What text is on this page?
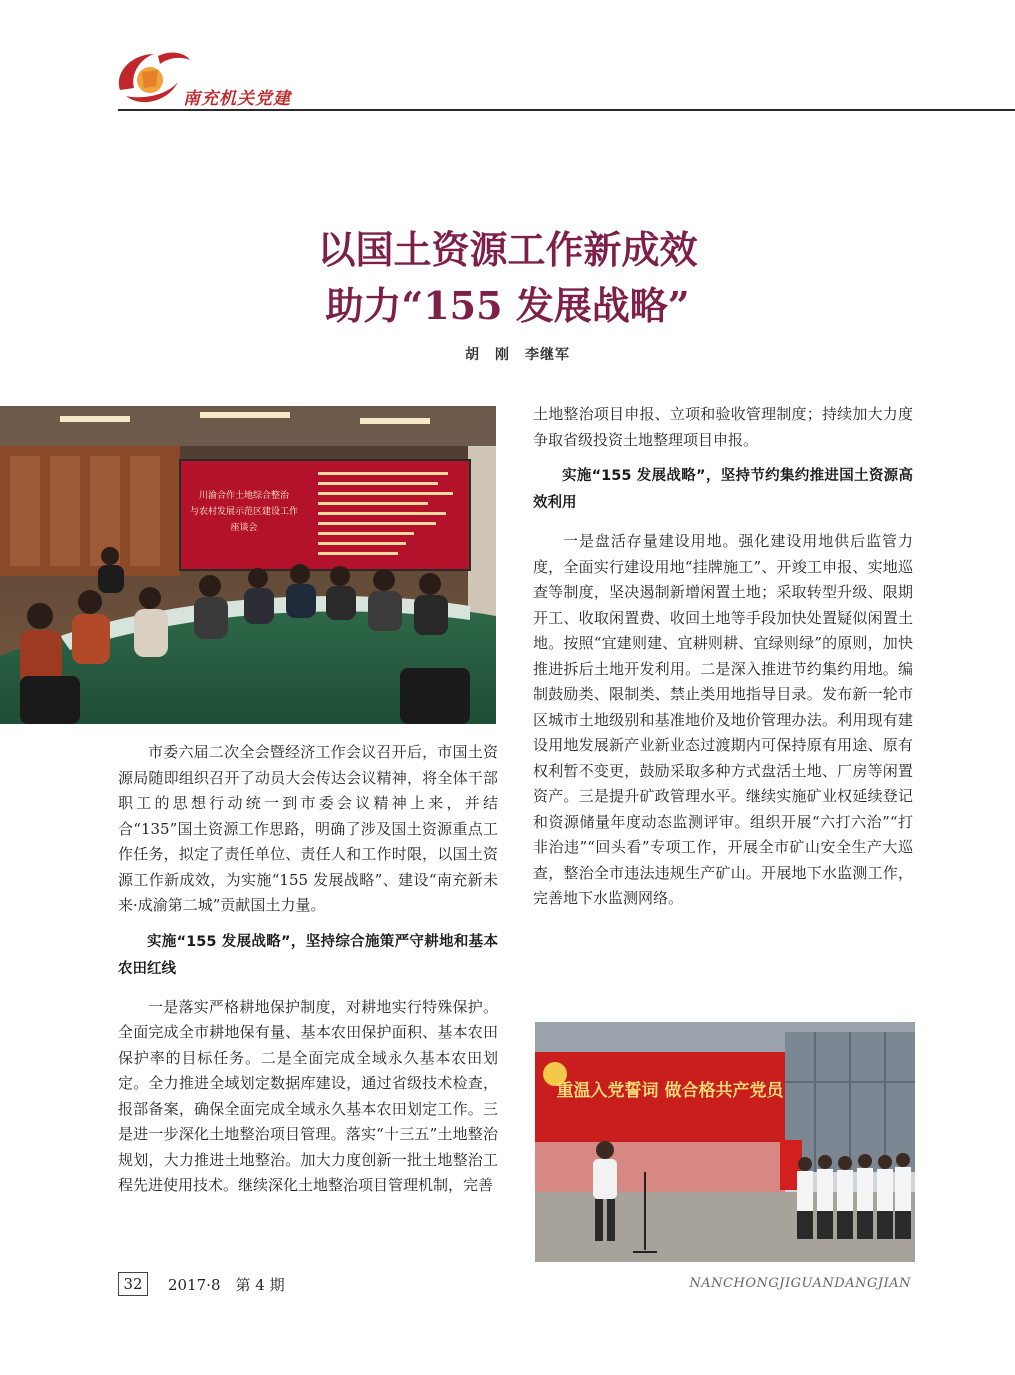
南充机关党建
以国土资源工作新成效
助力“155 发展战略”
胡　刚　李继军
川渝合作土地综合整治
与农村发展示范区建设工作
座谈会

市委六届二次全会暨经济工作会议召开后，市国土资源局随即组织召开了动员大会传达会议精神，将全体干部职工的思想行动统一到市委会议精神上来，并结合“135”国土资源工作思路，明确了涉及国土资源重点工作任务，拟定了责任单位、责任人和工作时限，以国土资源工作新成效，为实施“155 发展战略”、建设“南充新未来·成渝第二城”贡献国土力量。

实施“155 发展战略”，坚持综合施策严守耕地和基本农田红线

一是落实严格耕地保护制度，对耕地实行特殊保护。全面完成全市耕地保有量、基本农田保护面积、基本农田保护率的目标任务。二是全面完成全域永久基本农田划定。全力推进全域划定数据库建设，通过省级技术检查，报部备案，确保全面完成全域永久基本农田划定工作。三是进一步深化土地整治项目管理。落实“十三五”土地整治规划，大力推进土地整治。加大力度创新一批土地整治工程先进使用技术。继续深化土地整治项目管理机制，完善

土地整治项目申报、立项和验收管理制度；持续加大力度争取省级投资土地整理项目申报。

实施“155 发展战略”，坚持节约集约推进国土资源高效利用

一是盘活存量建设用地。强化建设用地供后监管力度，全面实行建设用地“挂牌施工”、开竣工申报、实地巡查等制度，坚决遏制新增闲置土地；采取转型升级、限期开工、收取闲置费、收回土地等手段加快处置疑似闲置土地。按照“宜建则建、宜耕则耕、宜绿则绿”的原则，加快推进拆后土地开发利用。二是深入推进节约集约用地。编制鼓励类、限制类、禁止类用地指导目录。发布新一轮市区城市土地级别和基准地价及地价管理办法。利用现有建设用地发展新产业新业态过渡期内可保持原有用途、原有权利暂不变更，鼓励采取多种方式盘活土地、厂房等闲置资产。三是提升矿政管理水平。继续实施矿业权延续登记和资源储量年度动态监测评审。组织开展“六打六治”“打非治违”“回头看”专项工作，开展全市矿山安全生产大巡查，整治全市违法违规生产矿山。开展地下水监测工作，完善地下水监测网络。

重温入党誓词 做合格共产党员
32	2017·8　第 4 期	NANCHONGJIGUANDANGJIAN
